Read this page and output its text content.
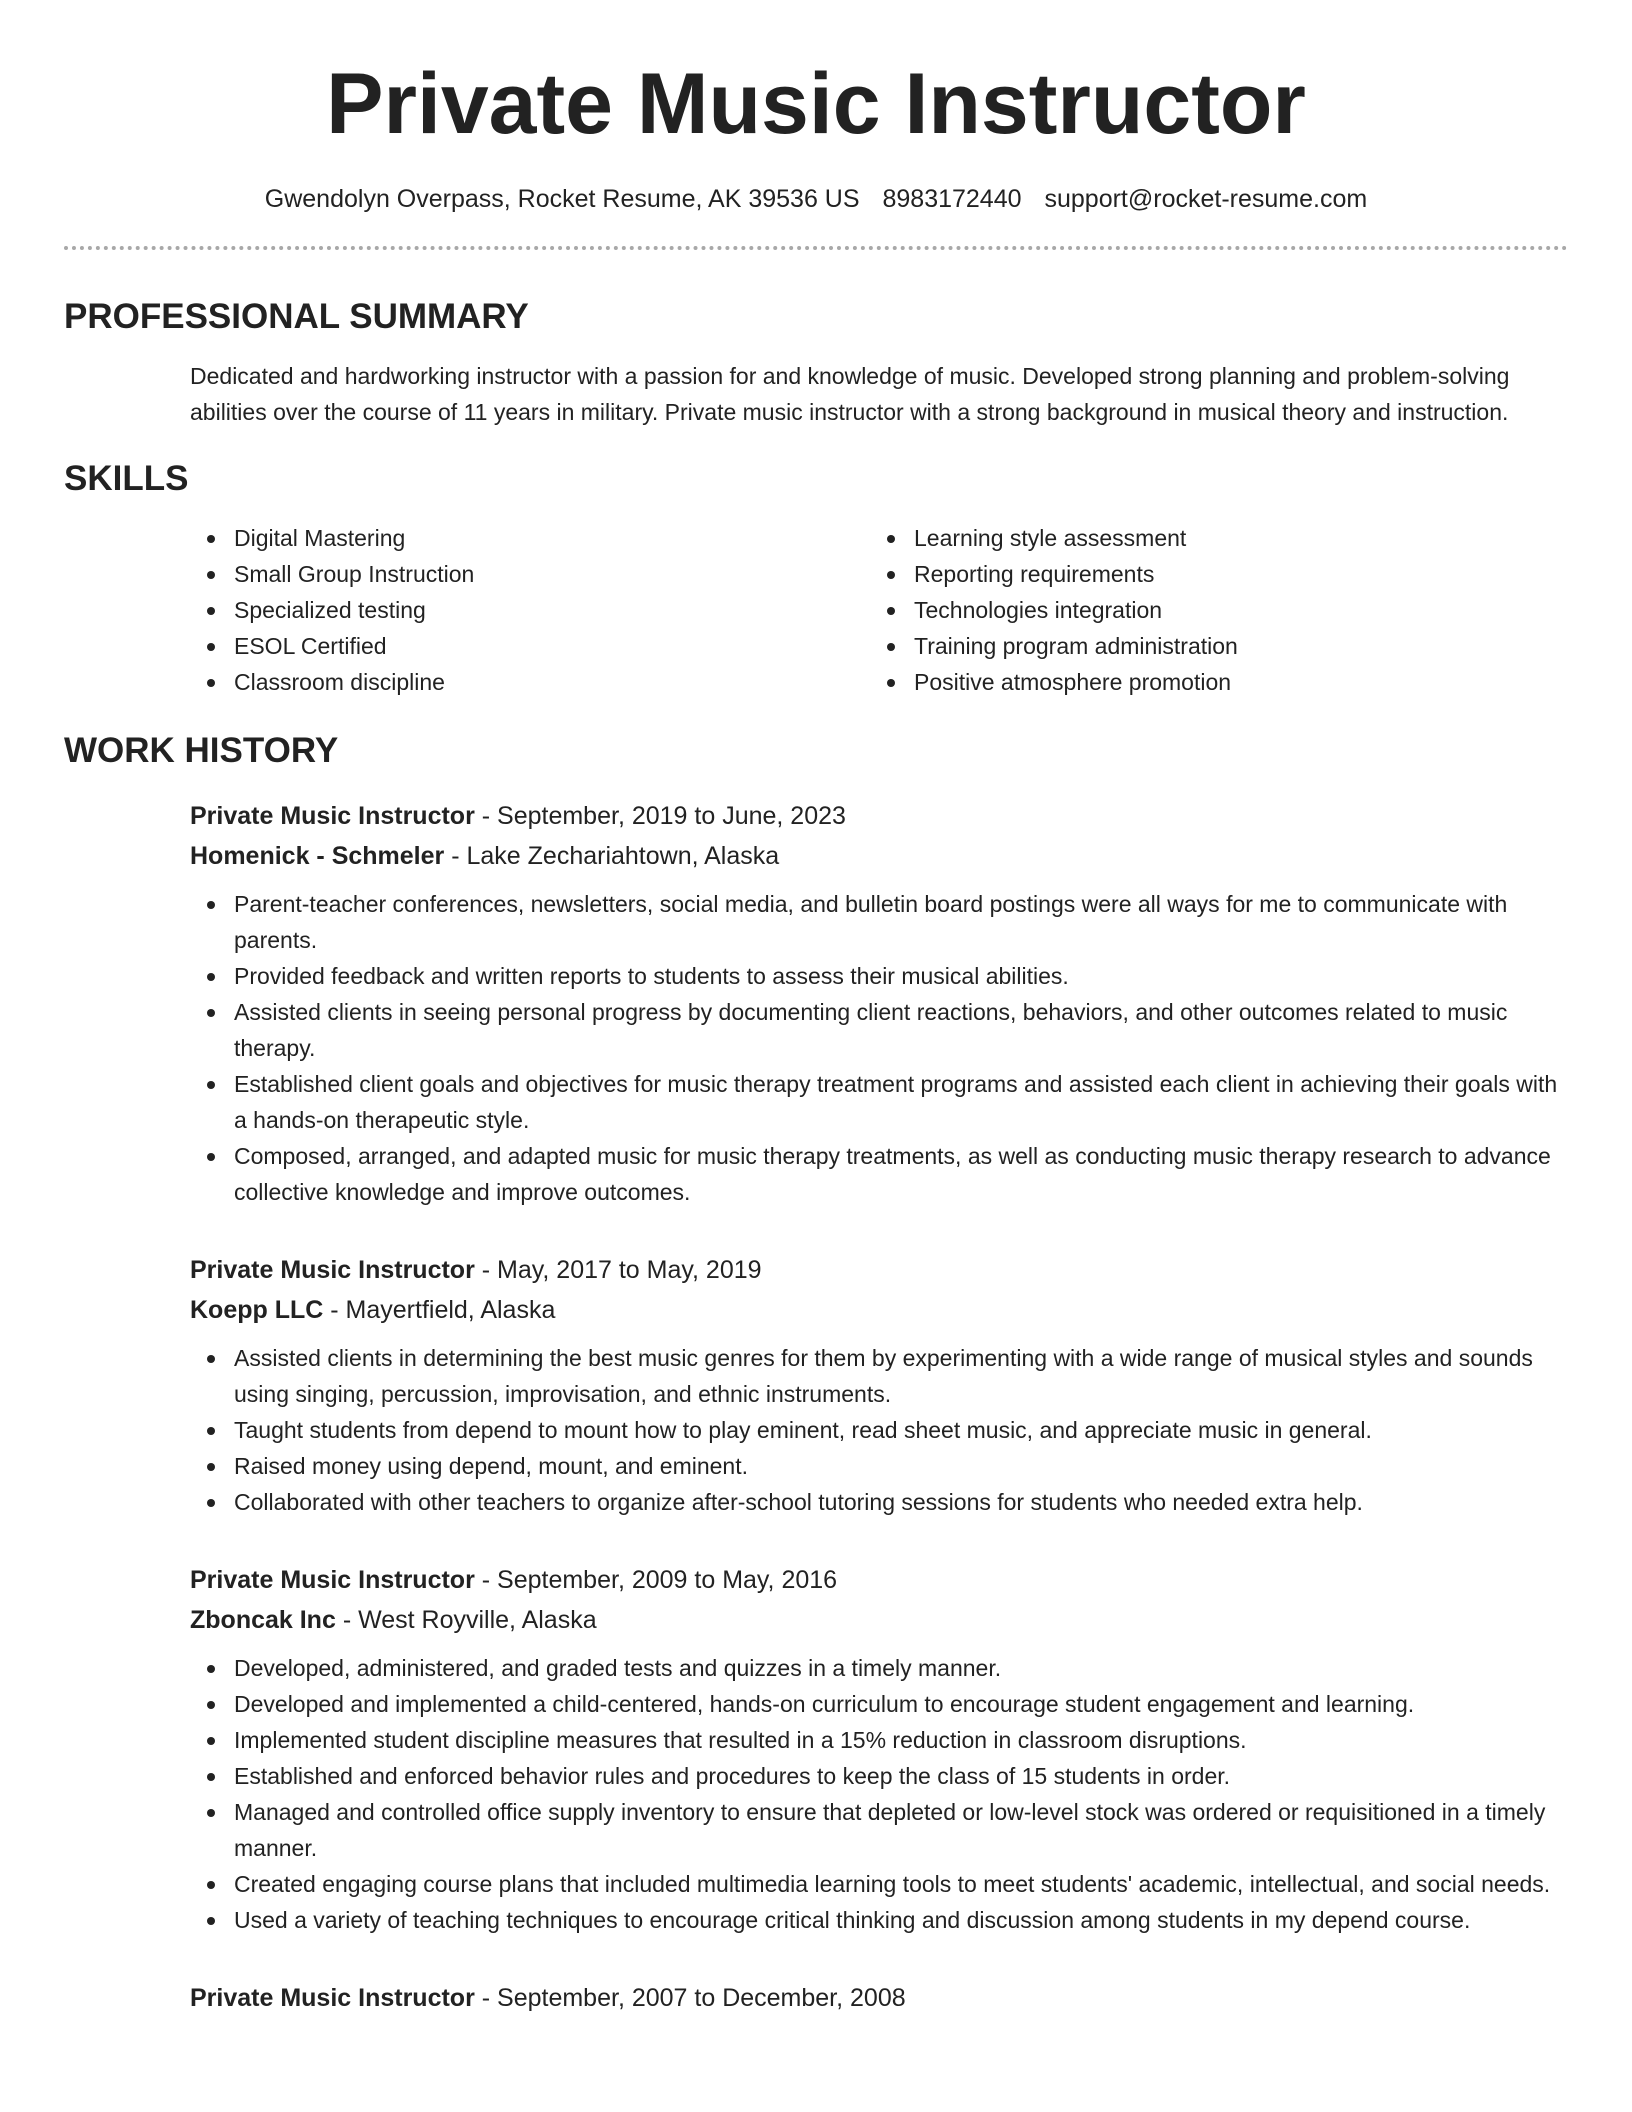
Private Music Instructor
Gwendolyn Overpass, Rocket Resume, AK 39536 US 8983172440 support@rocket-resume.com
PROFESSIONAL SUMMARY
Dedicated and hardworking instructor with a passion for and knowledge of music. Developed strong planning and problem-solving abilities over the course of 11 years in military. Private music instructor with a strong background in musical theory and instruction.
SKILLS
Digital Mastering
Small Group Instruction
Specialized testing
ESOL Certified
Classroom discipline
Learning style assessment
Reporting requirements
Technologies integration
Training program administration
Positive atmosphere promotion
WORK HISTORY
Private Music Instructor - September, 2019 to June, 2023
Homenick - Schmeler - Lake Zechariahtown, Alaska
Parent-teacher conferences, newsletters, social media, and bulletin board postings were all ways for me to communicate with parents.
Provided feedback and written reports to students to assess their musical abilities.
Assisted clients in seeing personal progress by documenting client reactions, behaviors, and other outcomes related to music therapy.
Established client goals and objectives for music therapy treatment programs and assisted each client in achieving their goals with a hands-on therapeutic style.
Composed, arranged, and adapted music for music therapy treatments, as well as conducting music therapy research to advance collective knowledge and improve outcomes.
Private Music Instructor - May, 2017 to May, 2019
Koepp LLC - Mayertfield, Alaska
Assisted clients in determining the best music genres for them by experimenting with a wide range of musical styles and sounds using singing, percussion, improvisation, and ethnic instruments.
Taught students from depend to mount how to play eminent, read sheet music, and appreciate music in general.
Raised money using depend, mount, and eminent.
Collaborated with other teachers to organize after-school tutoring sessions for students who needed extra help.
Private Music Instructor - September, 2009 to May, 2016
Zboncak Inc - West Royville, Alaska
Developed, administered, and graded tests and quizzes in a timely manner.
Developed and implemented a child-centered, hands-on curriculum to encourage student engagement and learning.
Implemented student discipline measures that resulted in a 15% reduction in classroom disruptions.
Established and enforced behavior rules and procedures to keep the class of 15 students in order.
Managed and controlled office supply inventory to ensure that depleted or low-level stock was ordered or requisitioned in a timely manner.
Created engaging course plans that included multimedia learning tools to meet students' academic, intellectual, and social needs.
Used a variety of teaching techniques to encourage critical thinking and discussion among students in my depend course.
Private Music Instructor - September, 2007 to December, 2008
